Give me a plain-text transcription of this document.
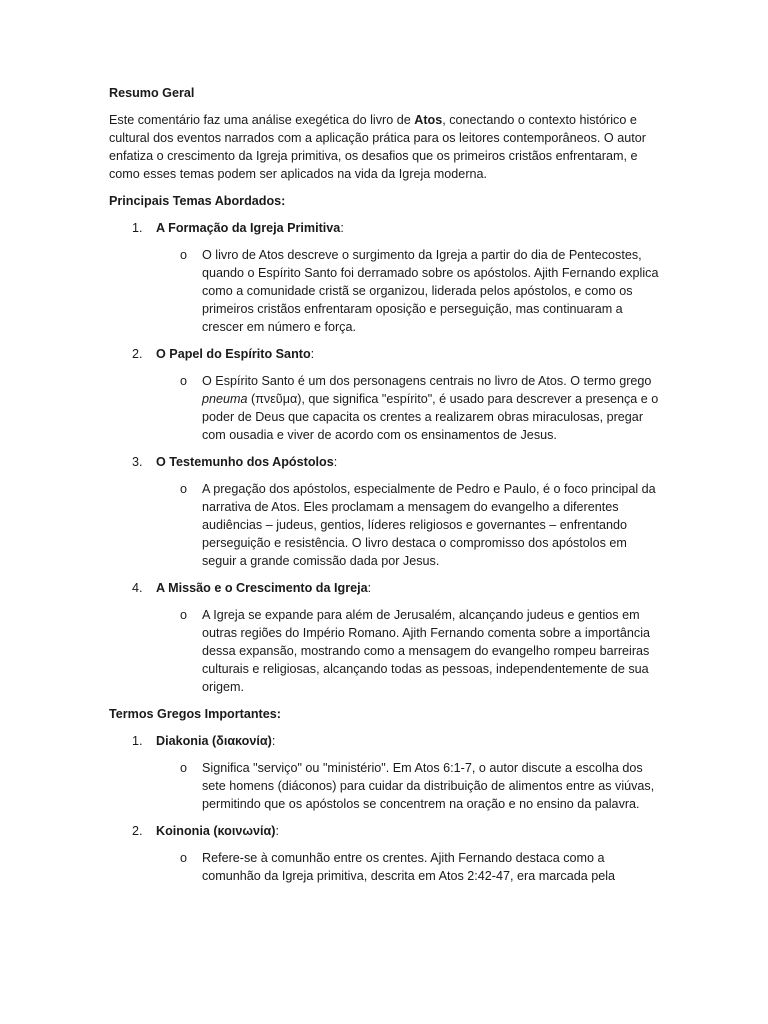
Resumo Geral
Este comentário faz uma análise exegética do livro de Atos, conectando o contexto histórico e cultural dos eventos narrados com a aplicação prática para os leitores contemporâneos. O autor enfatiza o crescimento da Igreja primitiva, os desafios que os primeiros cristãos enfrentaram, e como esses temas podem ser aplicados na vida da Igreja moderna.
Principais Temas Abordados:
1. A Formação da Igreja Primitiva:
o O livro de Atos descreve o surgimento da Igreja a partir do dia de Pentecostes, quando o Espírito Santo foi derramado sobre os apóstolos. Ajith Fernando explica como a comunidade cristã se organizou, liderada pelos apóstolos, e como os primeiros cristãos enfrentaram oposição e perseguição, mas continuaram a crescer em número e força.
2. O Papel do Espírito Santo:
o O Espírito Santo é um dos personagens centrais no livro de Atos. O termo grego pneuma (πνεῦμα), que significa "espírito", é usado para descrever a presença e o poder de Deus que capacita os crentes a realizarem obras miraculosas, pregar com ousadia e viver de acordo com os ensinamentos de Jesus.
3. O Testemunho dos Apóstolos:
o A pregação dos apóstolos, especialmente de Pedro e Paulo, é o foco principal da narrativa de Atos. Eles proclamam a mensagem do evangelho a diferentes audiências – judeus, gentios, líderes religiosos e governantes – enfrentando perseguição e resistência. O livro destaca o compromisso dos apóstolos em seguir a grande comissão dada por Jesus.
4. A Missão e o Crescimento da Igreja:
o A Igreja se expande para além de Jerusalém, alcançando judeus e gentios em outras regiões do Império Romano. Ajith Fernando comenta sobre a importância dessa expansão, mostrando como a mensagem do evangelho rompeu barreiras culturais e religiosas, alcançando todas as pessoas, independentemente de sua origem.
Termos Gregos Importantes:
1. Diakonia (διακονία):
o Significa "serviço" ou "ministério". Em Atos 6:1-7, o autor discute a escolha dos sete homens (diáconos) para cuidar da distribuição de alimentos entre as viúvas, permitindo que os apóstolos se concentrem na oração e no ensino da palavra.
2. Koinonia (κοινωνία):
o Refere-se à comunhão entre os crentes. Ajith Fernando destaca como a comunhão da Igreja primitiva, descrita em Atos 2:42-47, era marcada pela
